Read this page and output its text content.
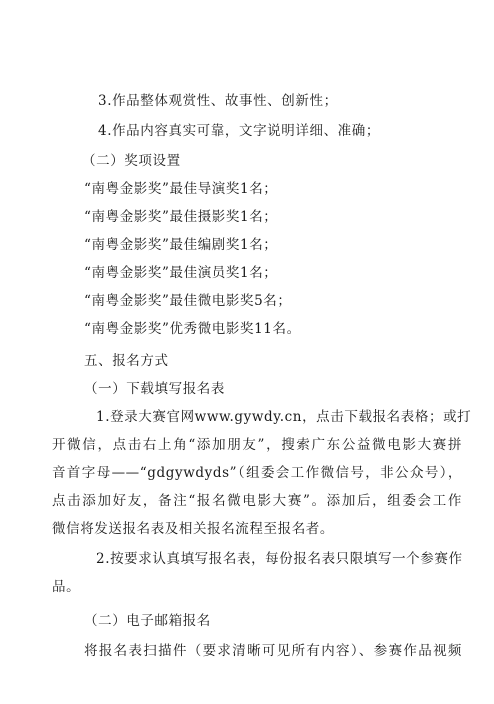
3.作品整体观赏性、故事性、创新性；
4.作品内容真实可靠，文字说明详细、准确；
（二）奖项设置
“南粤金影奖”最佳导演奖1名；
“南粤金影奖”最佳摄影奖1名；
“南粤金影奖”最佳编剧奖1名；
“南粤金影奖”最佳演员奖1名；
“南粤金影奖”最佳微电影奖5名；
“南粤金影奖”优秀微电影奖11名。
五、报名方式
（一）下载填写报名表
1.登录大赛官网www.gywdy.cn，点击下载报名表格；或打
开微信，点击右上角“添加朋友”，搜索广东公益微电影大赛拼
音首字母——“gdgywdyds”（组委会工作微信号，非公众号），
点击添加好友，备注“报名微电影大赛”。添加后，组委会工作
微信将发送报名表及相关报名流程至报名者。
2.按要求认真填写报名表，每份报名表只限填写一个参赛作
品。
（二）电子邮箱报名
将报名表扫描件（要求清晰可见所有内容）、参赛作品视频
